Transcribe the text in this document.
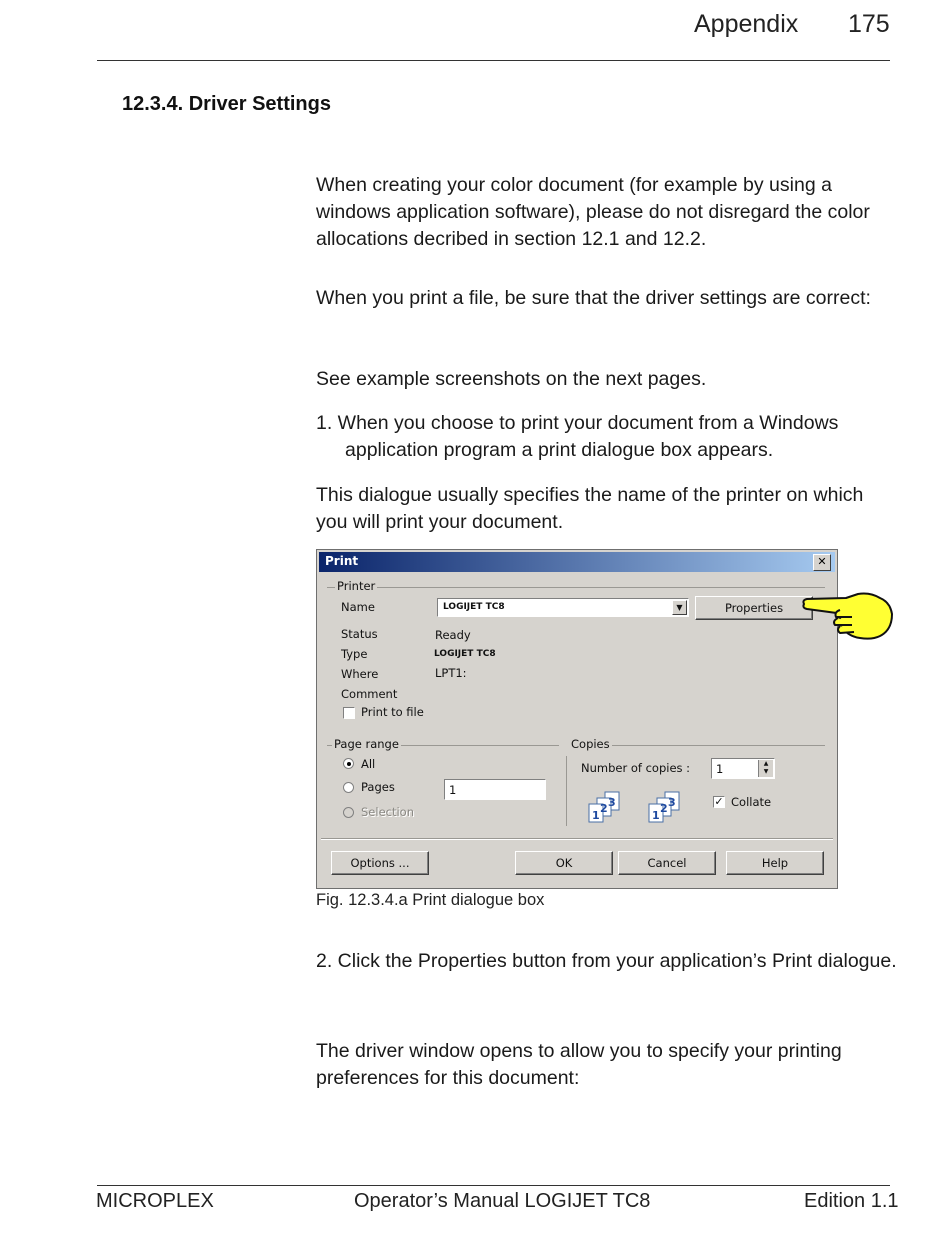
Appendix 175
12.3.4. Driver Settings
When creating your color document (for example by using a windows application software), please do not disregard the color allocations decribed in section 12.1 and 12.2.
When you print a file, be sure that the driver settings are correct:
See example screenshots on the next pages.
1. When you choose to print your document from a Windows application program a print dialogue box appears.
This dialogue usually specifies the name of the printer on which you will print your document.
Print	✕
Printer
Name	LOGIJET TC8	▼	Properties
Status	Ready
Type	LOGIJET TC8
Where	LPT1:
Comment
Print to file
Page range
All
Pages	1
Selection
Copies
Number of copies : 1	▲
▼
3
2
1
3
2
1
✓ Collate
Options ...	OK	Cancel	Help
Fig. 12.3.4.a Print dialogue box
2. Click the Properties button from your application’s Print dialogue.
The driver window opens to allow you to specify your printing preferences for this document:
MICROPLEX	Operator’s Manual LOGIJET TC8	Edition 1.1
